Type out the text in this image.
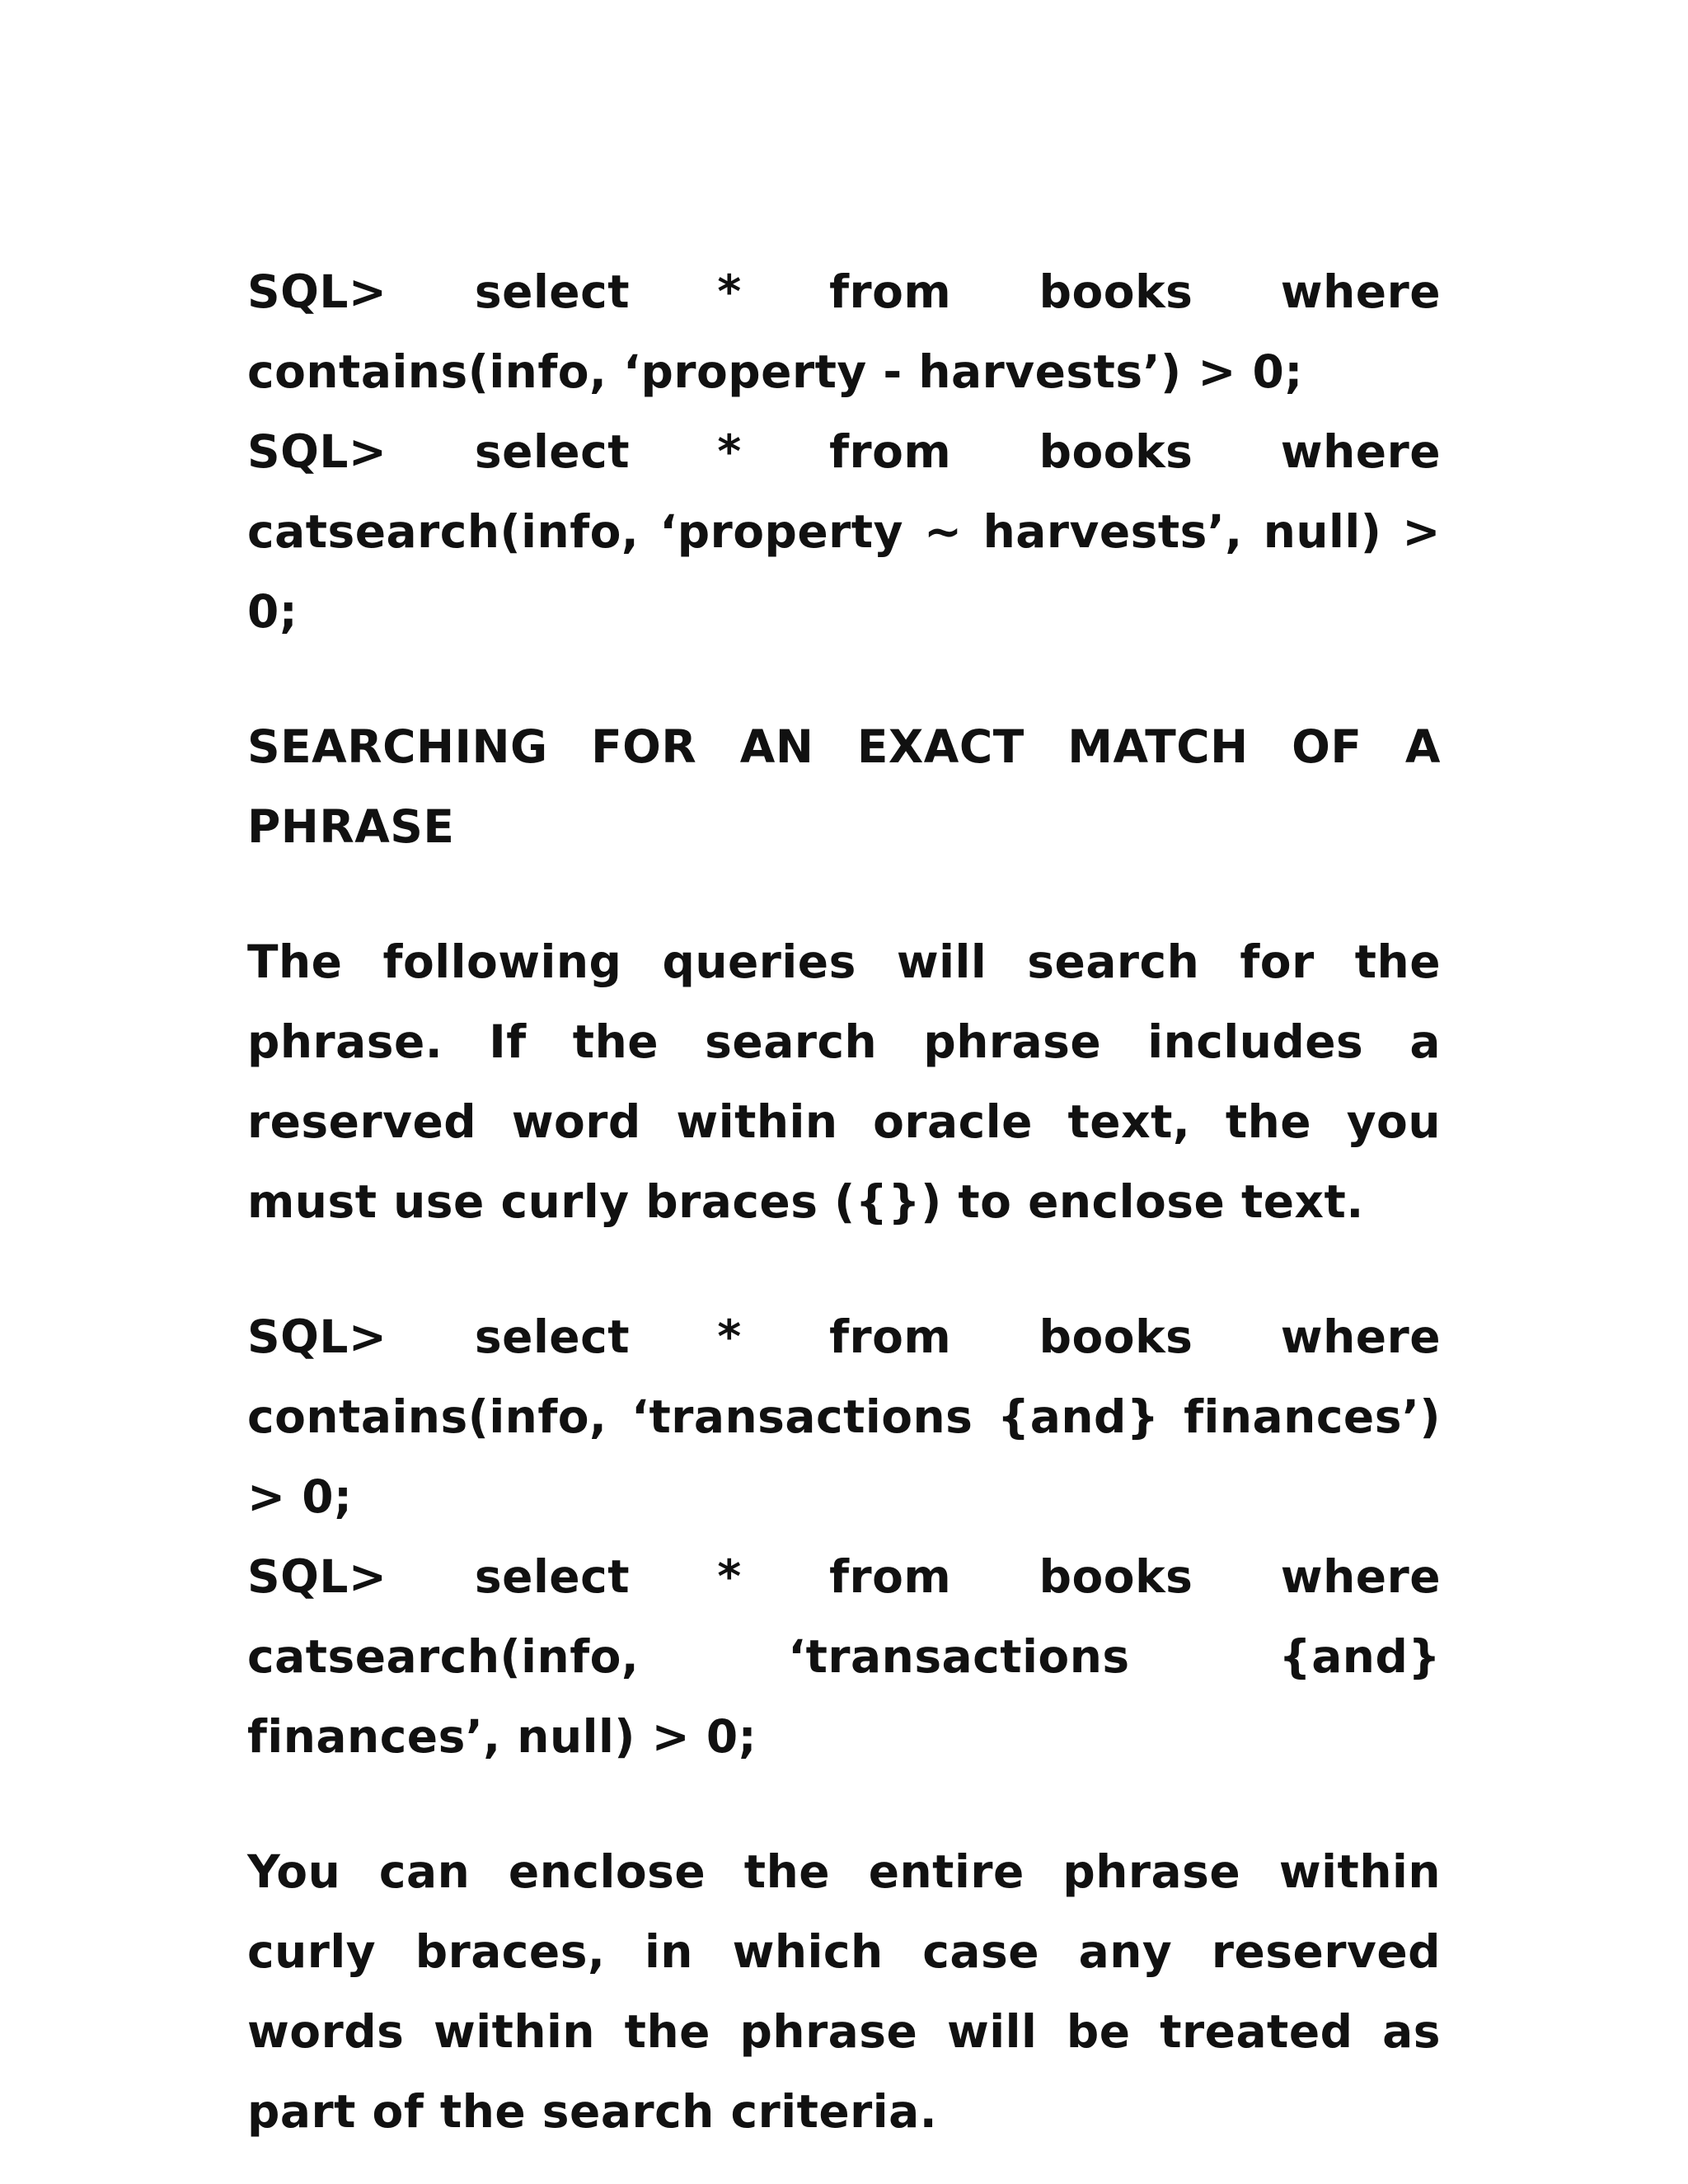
SQL> select * from books where contains(info, ‘property - harvests’) > 0;

SQL> select * from books where catsearch(info, ‘property ~ harvests’, null) > 0;

SEARCHING FOR AN EXACT MATCH OF A PHRASE

The following queries will search for the phrase. If the search phrase includes a reserved word within oracle text, the you must use curly braces ({}) to enclose text.

SQL> select * from books where contains(info, ‘transactions {and} finances’) > 0;

SQL> select * from books where catsearch(info, ‘transactions {and} finances’, null) > 0;

You can enclose the entire phrase within curly braces, in which case any reserved words within the phrase will be treated as part of the search criteria.
